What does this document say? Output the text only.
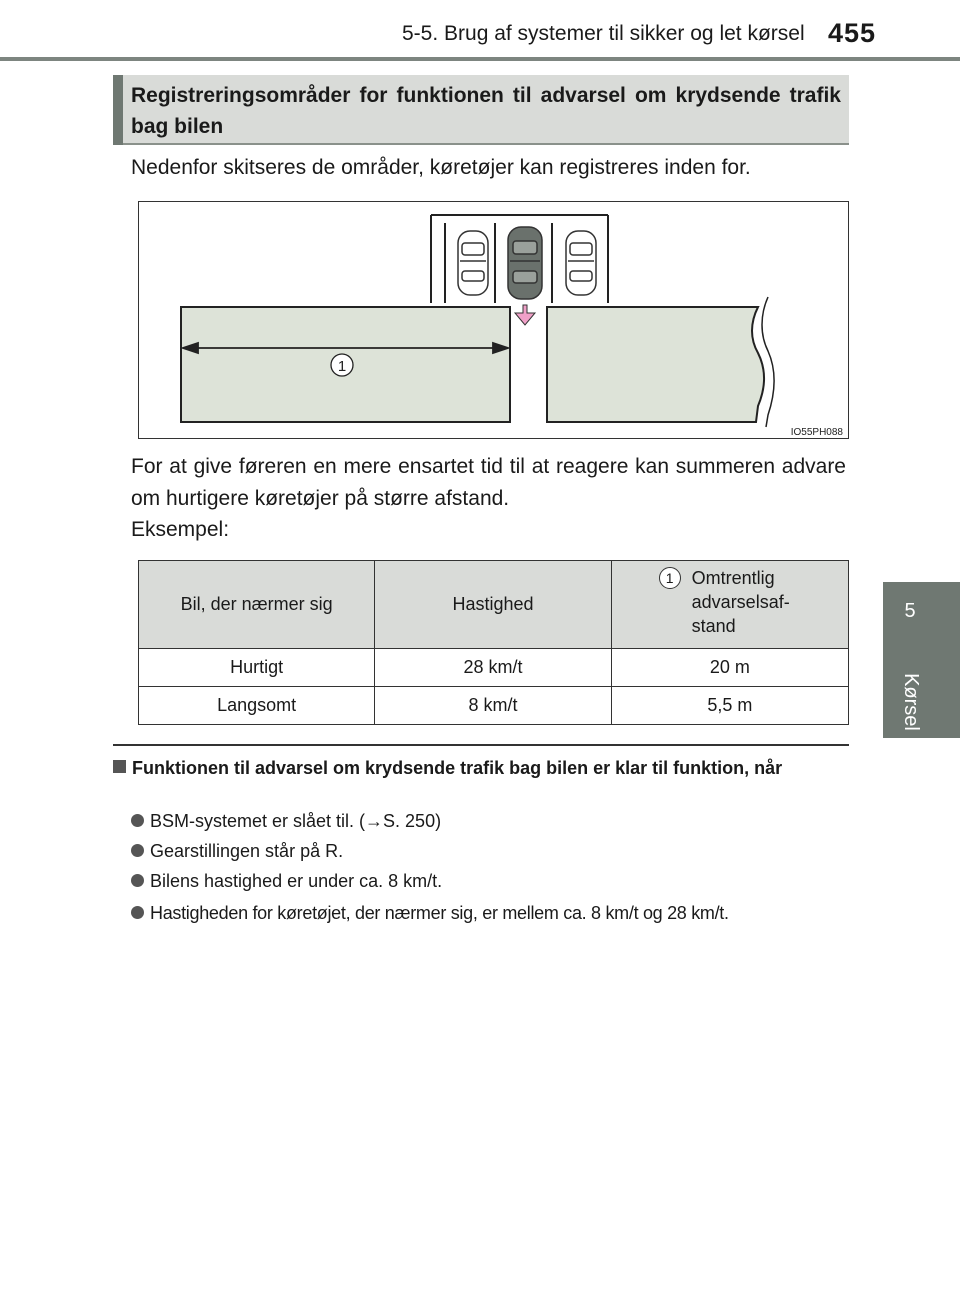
5-5. Brug af systemer til sikker og let kørsel 455
5
Kørsel
Registreringsområder for funktionen til advarsel om krydsende trafik bag bilen
Nedenfor skitseres de områder, køretøjer kan registreres inden for.
1
IO55PH088
For at give føreren en mere ensartet tid til at reagere kan summeren advare om hurtigere køretøjer på større afstand.
Eksempel:
Bil, der nærmer sig	Hastighed	1 Omtrentlig
advarselsaf-
stand

Hurtigt	28 km/t	20 m
Langsomt	8 km/t	5,5 m
Funktionen til advarsel om krydsende trafik bag bilen er klar til funktion, når
BSM-systemet er slået til. (→S. 250)
Gearstillingen står på R.
Bilens hastighed er under ca. 8 km/t.
Hastigheden for køretøjet, der nærmer sig, er mellem ca. 8 km/t og 28 km/t.
